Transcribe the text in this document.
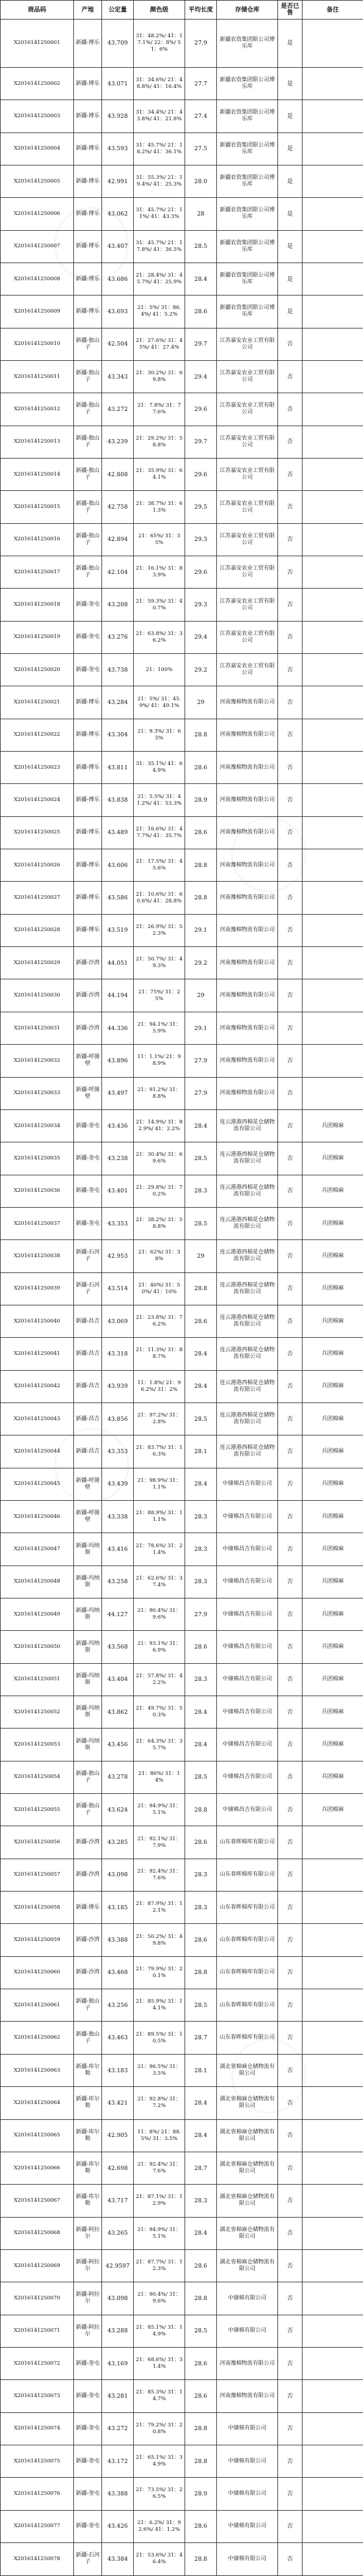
商品码	产地	公定量	颜色级	平均长度	存储仓库	是否已售	备注
X2016141250001	新疆-博乐	43.709	31：48.2%/ 41：17.1%/ 22：8%/ 51：6%	27.9	新疆农资集团限公司博乐库	是	
X2016141250002	新疆-博乐	43.071	31：34.6%/ 21：48.8%/ 41：16.4%	27.7	新疆农资集团限公司博乐库	是	
X2016141250003	新疆-博乐	43.928	31：34.4%/ 21：43.8%/ 41：21.8%	27.4	新疆农资集团限公司博乐库	是	
X2016141250004	新疆-博乐	43.593	31：45.7%/ 21：18.2%/ 41：36.1%	27.5	新疆农资集团限公司博乐库	是	
X2016141250005	新疆-博乐	42.991	31：55.3%/ 21：19.4%/ 41：25.3%	28.0	新疆农资集团限公司博乐库	是	
X2016141250006	新疆-博乐	43.062	31：45.7%/ 21：11%/ 41：43.3%	28	新疆农资集团限公司博乐库	是	
X2016141250007	新疆-博乐	43.407	31：45.7%/ 21：17.8%/ 41：36.5%	28.5	新疆农资集团限公司博乐库	是	
X2016141250008	新疆-博乐	43.686	21：28.4%/ 31：45.7%/ 41：25.9%	28.4	新疆农资集团限公司博乐库	是	
X2016141250009	新疆-博乐	43.693	21：5%/ 31：86.4%/ 41：5.2%	28.6	新疆农资集团限公司博乐库	是	
X2016141250010	新疆-独山子	42.504	21：27.6%/ 31：45%/ 41：27.4%	29.7	江苏嘉安农业工贸有限公司	否	
X2016141250011	新疆-独山子	43.343	21：30.2%/ 31：69.8%	29.4	江苏嘉安农业工贸有限公司	否	
X2016141250012	新疆-独山子	43.272	21：7.8%/ 31：77.6%	29.6	江苏嘉安农业工贸有限公司	否	
X2016141250013	新疆-独山子	43.239	21：29.2%/ 31：58.8%	29.7	江苏嘉安农业工贸有限公司	否	
X2016141250014	新疆-独山子	42.808	21：35.9%/ 31：64.1%	29.6	江苏嘉安农业工贸有限公司	否	
X2016141250015	新疆-独山子	42.758	21：38.7%/ 31：61.3%	29.5	江苏嘉安农业工贸有限公司	否	
X2016141250016	新疆-独山子	42.894	21：65%/ 31：35%	29.3	江苏嘉安农业工贸有限公司	否	
X2016141250017	新疆-独山子	42.104	21：16.1%/ 31：83.9%	29.6	江苏嘉安农业工贸有限公司	否	
X2016141250018	新疆-奎屯	43.208	21：59.3%/ 31：40.7%	29.3	江苏嘉安农业工贸有限公司	否	
X2016141250019	新疆-奎屯	43.276	21：63.8%/ 31：36.2%	29.4	江苏嘉安农业工贸有限公司	否	
X2016141250020	新疆-奎屯	43.738	21：100%	29.2	江苏嘉安农业工贸有限公司	否	
X2016141250021	新疆-博乐	43.284	21：5%/ 31：45.9%/ 41：49.1%	29	河南豫棉物流有限公司	否	
X2016141250022	新疆-博乐	43.304	21：9.3%/ 31：65%	28.8	河南豫棉物流有限公司	否	
X2016141250023	新疆-博乐	43.811	31：35.1%/ 41：64.9%	28.6	河南豫棉物流有限公司	否	
X2016141250024	新疆-博乐	43.838	21：5.5%/ 31：41.2%/ 41：53.3%	28.9	河南豫棉物流有限公司	否	
X2016141250025	新疆-博乐	43.489	21：16.6%/ 31：47.7%/ 41：35.7%	28.6	河南豫棉物流有限公司	否	
X2016141250026	新疆-博乐	43.606	21：17.5%/ 31：45.6%	28.8	河南豫棉物流有限公司	否	
X2016141250027	新疆-博乐	43.586	21：10.6%/ 31：60.6%/ 41：28.8%	28.8	河南豫棉物流有限公司	否	
X2016141250028	新疆-博乐	43.519	21：26.9%/ 31：52.3%	29.1	河南豫棉物流有限公司	否	
X2016141250029	新疆-沙湾	44.051	21：50.7%/ 31：49.3%	29.2	河南豫棉物流有限公司	否	
X2016141250030	新疆-沙湾	44.194	21：75%/ 31：25%	29	河南豫棉物流有限公司	否	
X2016141250031	新疆-沙湾	44.336	21：94.1%/ 31：5.9%	29.1	河南豫棉物流有限公司	否	
X2016141250032	新疆-呼图壁	43.896	11：1.1%/ 21：98.9%	27.9	河南豫棉物流有限公司	否	
X2016141250033	新疆-呼图壁	43.497	21：91.2%/ 31：8.8%	27.9	河南豫棉物流有限公司	否	
X2016141250034	新疆-奎屯	43.436	21：14.9%/ 31：82.9%/ 41：2.2%	28.4	连云港港西棉花仓储物流有限公司	否	兵团棉麻
X2016141250035	新疆-奎屯	43.238	21：30.4%/ 31：69.6%	28.5	连云港港西棉花仓储物流有限公司	否	兵团棉麻
X2016141250036	新疆-奎屯	43.401	21：29.8%/ 31：70.2%	28.3	连云港港西棉花仓储物流有限公司	否	兵团棉麻
X2016141250037	新疆-奎屯	43.353	21：38.2%/ 31：58.8%	28.5	连云港港西棉花仓储物流有限公司	否	兵团棉麻
X2016141250038	新疆-石河子	42.953	21：62%/ 31：38%	29	连云港港西棉花仓储物流有限公司	否	兵团棉麻
X2016141250039	新疆-石河子	43.514	21：40%/ 31：50%/ 41：10%	28.8	连云港港西棉花仓储物流有限公司	否	兵团棉麻
X2016141250040	新疆-昌吉	43.069	21：23.8%/ 31：76.2%	28.6	连云港港西棉花仓储物流有限公司	否	兵团棉麻
X2016141250041	新疆-昌吉	43.318	21：11.3%/ 31：88.7%	28.4	连云港港西棉花仓储物流有限公司	否	兵团棉麻
X2016141250042	新疆-昌吉	43.939	11：1.8%/ 21：96.2%/ 31：2%	28.4	连云港港西棉花仓储物流有限公司	否	兵团棉麻
X2016141250043	新疆-昌吉	43.856	21：97.2%/ 31：2.8%	28.5	连云港港西棉花仓储物流有限公司	否	兵团棉麻
X2016141250044	新疆-昌吉	43.353	21：83.7%/ 31：16.3%	28.1	连云港港西棉花仓储物流有限公司	否	兵团棉麻
X2016141250045	新疆-呼图壁	43.439	21：98.9%/ 31：1.1%	28.4	中储棉昌吉有限公司	否	兵团棉麻
X2016141250046	新疆-呼图壁	43.338	21：88.9%/ 31：11.1%	28.3	中储棉昌吉有限公司	否	兵团棉麻
X2016141250047	新疆-玛纳斯	43.416	21：78.6%/ 31：21.4%	28.3	中储棉昌吉有限公司	否	兵团棉麻
X2016141250048	新疆-玛纳斯	43.258	21：62.6%/ 31：37.4%	28.3	中储棉昌吉有限公司	否	兵团棉麻
X2016141250049	新疆-玛纳斯	44.127	21：90.4%/ 31：9.6%	27.9	中储棉昌吉有限公司	否	兵团棉麻
X2016141250050	新疆-玛纳斯	43.568	21：93.1%/ 31：6.9%	28.6	中储棉昌吉有限公司	否	兵团棉麻
X2016141250051	新疆-玛纳斯	43.404	21：57.8%/ 31：42.2%	28.3	中储棉昌吉有限公司	否	兵团棉麻
X2016141250052	新疆-玛纳斯	43.862	21：49.7%/ 31：50.3%	28.4	中储棉昌吉有限公司	否	兵团棉麻
X2016141250053	新疆-玛纳斯	43.456	21：64.3%/ 31：35.7%	28.4	中储棉昌吉有限公司	否	兵团棉麻
X2016141250054	新疆-独山子	43.278	21：86%/ 31：14%	28.5	中储棉昌吉有限公司	否	兵团棉麻
X2016141250055	新疆-独山子	43.624	21：94.9%/ 31：5.1%	28.8	中储棉昌吉有限公司	否	兵团棉麻
X2016141250056	新疆-沙湾	43.285	21：92.1%/ 31：7.9%	28.6	山东春晖棉库有限公司	否	
X2016141250057	新疆-沙湾	43.098	21：92.4%/ 31：7.6%	28.3	山东春晖棉库有限公司	否	
X2016141250058	新疆-博乐	43.185	21：87.9%/ 31：12.1%	28.3	山东春晖棉库有限公司	否	
X2016141250059	新疆-沙湾	43.388	21：50.2%/ 31：49.8%	28.6	山东春晖棉库有限公司	否	
X2016141250060	新疆-沙湾	43.468	21：79.9%/ 31：20.1%	28.8	山东春晖棉库有限公司	否	
X2016141250061	新疆-独山子	43.256	21：85.9%/ 31：14.1%	28.5	山东春晖棉库有限公司	否	
X2016141250062	新疆-独山子	43.463	21：89.5%/ 31：10.5%	28.7	山东春晖棉库有限公司	否	
X2016141250063	新疆-库尔勒	43.183	21：96.5%/ 31：3.5%	28.1	湖北省棉麻仓储物流有限公司	否	
X2016141250064	新疆-库尔勒	43.421	21：92.8%/ 31：7.2%	28.4	湖北省棉麻仓储物流有限公司	否	
X2016141250065	新疆-库尔勒	42.905	11：8%/ 21：88.5%/ 31：3.5%	28.4	湖北省棉麻仓储物流有限公司	否	
X2016141250066	新疆-库尔勒	42.698	21：92.4%/ 31：7.6%	28.7	湖北省棉麻仓储物流有限公司	否	
X2016141250067	新疆-库尔勒	43.717	21：87.1%/ 31：12.9%	28.3	湖北省棉麻仓储物流有限公司	否	
X2016141250068	新疆-阿拉尔	43.265	21：94.9%/ 31：5.1%	28.4	湖北省棉麻仓储物流有限公司	否	
X2016141250069	新疆-阿拉尔	42.9597	21：87.7%/ 31：12.3%	28.6	湖北省棉麻仓储物流有限公司	否	
X2016141250070	新疆-阿拉尔	43.098	21：90.4%/ 31：9.6%	28.8	中储棉有限公司	否	
X2016141250071	新疆-阿拉尔	43.288	21：85.1%/ 31：14.9%	28.5	中储棉有限公司	否	
X2016141250072	新疆-奎屯	43.169	21：68.6%/ 31：31.4%	28.6	河南豫棉物流有限公司	否	
X2016141250073	新疆-奎屯	43.281	21：85.3%/ 31：14.7%	28.6	河南豫棉物流有限公司	否	
X2016141250074	新疆-奎屯	43.272	21：79.2%/ 31：20.8%	28.8	中储棉有限公司	否	
X2016141250075	新疆-奎屯	43.172	21：65.1%/ 31：34.9%	28.8	中储棉有限公司	否	
X2016141250076	新疆-奎屯	43.388	21：73.5%/ 31：26.5%	28.9	中储棉有限公司	否	
X2016141250077	新疆-奎屯	43.426	21：6.2%/ 31：92.6%/ 41：1.2%	28.6	中储棉有限公司	否	
X2016141250078	新疆-石河子	43.384	21：53.6%/ 31：46.4%	28.8	中储棉有限公司	否	
